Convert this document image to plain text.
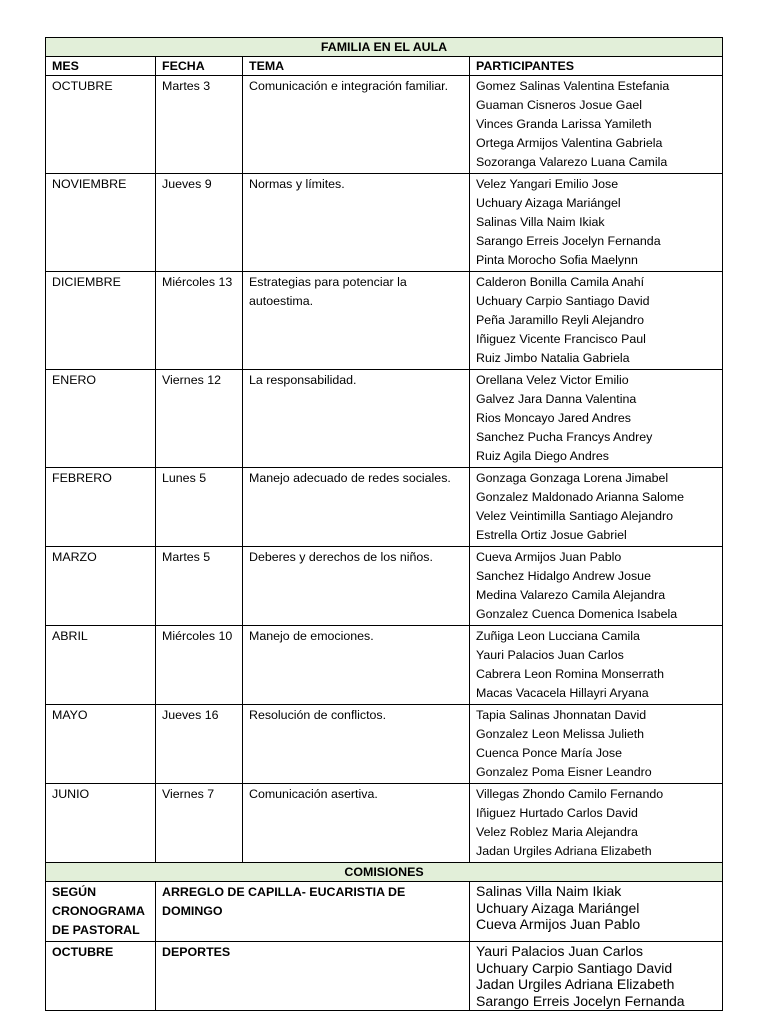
FAMILIA EN EL AULA			
MES	FECHA	TEMA	PARTICIPANTES
OCTUBRE	Martes 3	Comunicación e integración familiar.	Gomez Salinas Valentina Estefania
Guaman Cisneros Josue Gael
Vinces Granda Larissa Yamileth
Ortega Armijos Valentina Gabriela
Sozoranga Valarezo Luana Camila

NOVIEMBRE	Jueves 9	Normas y límites.	Velez Yangari Emilio Jose
Uchuary Aizaga Mariángel
Salinas Villa Naim Ikiak
Sarango Erreis Jocelyn Fernanda
Pinta Morocho Sofia Maelynn

DICIEMBRE	Miércoles 13	Estrategias para potenciar la autoestima.	Calderon Bonilla Camila Anahí
Uchuary Carpio Santiago David
Peña Jaramillo Reyli Alejandro
Iñiguez Vicente Francisco Paul
Ruiz Jimbo Natalia Gabriela

ENERO	Viernes 12	La responsabilidad.	Orellana Velez Victor Emilio
Galvez Jara Danna Valentina
Rios Moncayo Jared Andres
Sanchez Pucha Francys Andrey
Ruiz Agila Diego Andres

FEBRERO	Lunes 5	Manejo adecuado de redes sociales.	Gonzaga Gonzaga Lorena Jimabel
Gonzalez Maldonado Arianna Salome
Velez Veintimilla Santiago Alejandro
Estrella Ortiz Josue Gabriel

MARZO	Martes 5	Deberes y derechos de los niños.	Cueva Armijos Juan Pablo
Sanchez Hidalgo Andrew Josue
Medina Valarezo Camila Alejandra
Gonzalez Cuenca Domenica Isabela

ABRIL	Miércoles 10	Manejo de emociones.	Zuñiga Leon Lucciana Camila
Yauri Palacios Juan Carlos
Cabrera Leon Romina Monserrath
Macas Vacacela Hillayri Aryana

MAYO	Jueves 16	Resolución de conflictos.	Tapia Salinas Jhonnatan David
Gonzalez Leon Melissa Julieth
Cuenca Ponce María Jose
Gonzalez Poma Eisner Leandro

JUNIO	Viernes 7	Comunicación asertiva.	Villegas Zhondo Camilo Fernando
Iñiguez Hurtado Carlos David
Velez Roblez Maria Alejandra
Jadan Urgiles Adriana Elizabeth

COMISIONES			
SEGÚN CRONOGRAMA DE PASTORAL	ARREGLO DE CAPILLA- EUCARISTIA DE DOMINGO		Salinas Villa Naim Ikiak
Uchuary Aizaga Mariángel
Cueva Armijos Juan Pablo

OCTUBRE	DEPORTES		Yauri Palacios Juan Carlos
Uchuary Carpio Santiago David
Jadan Urgiles Adriana Elizabeth
Sarango Erreis Jocelyn Fernanda
